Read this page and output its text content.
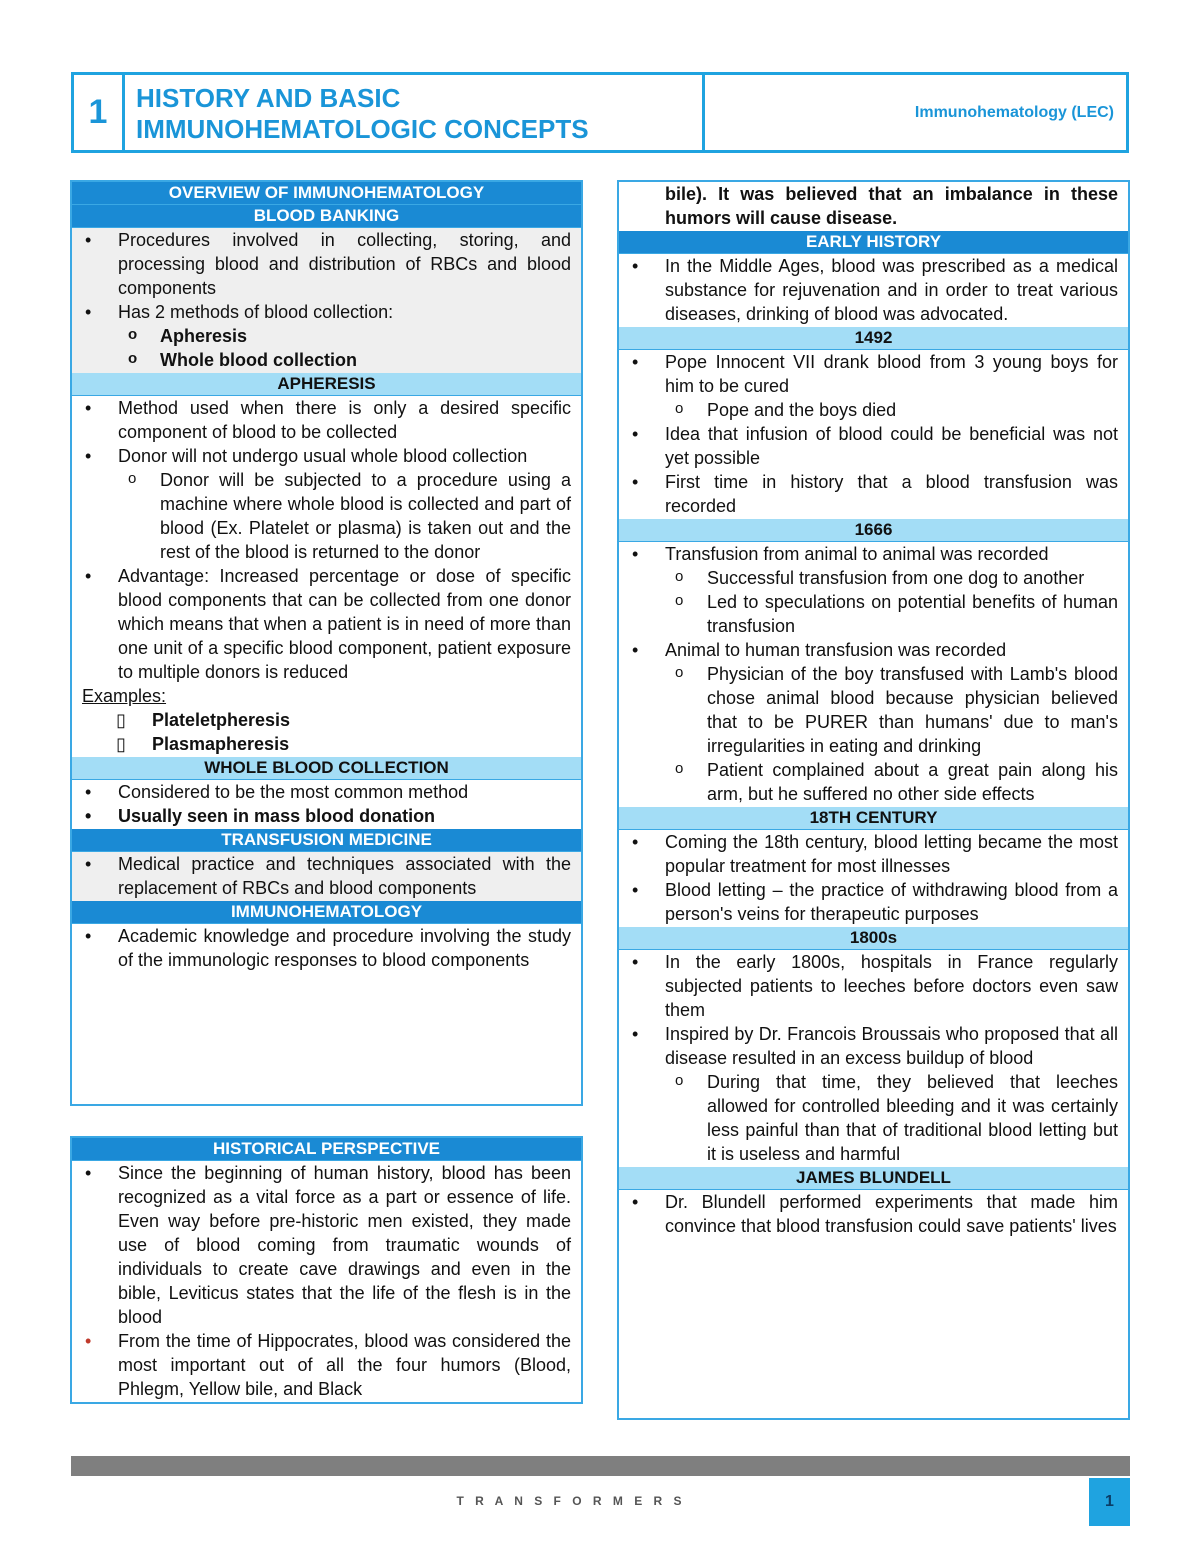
1	HISTORY AND BASIC
IMMUNOHEMATOLOGIC CONCEPTS
Immunohematology (LEC)
OVERVIEW OF IMMUNOHEMATOLOGY
BLOOD BANKING
• Procedures involved in collecting, storing, and processing blood and distribution of RBCs and blood components
• Has 2 methods of blood collection:
o Apheresis
o Whole blood collection
APHERESIS
• Method used when there is only a desired specific component of blood to be collected
• Donor will not undergo usual whole blood collection
o Donor will be subjected to a procedure using a machine where whole blood is collected and part of blood (Ex. Platelet or plasma) is taken out and the rest of the blood is returned to the donor
• Advantage: Increased percentage or dose of specific blood components that can be collected from one donor which means that when a patient is in need of more than one unit of a specific blood component, patient exposure to multiple donors is reduced
Examples:
▯ Plateletpheresis
▯ Plasmapheresis
WHOLE BLOOD COLLECTION
• Considered to be the most common method
• Usually seen in mass blood donation
TRANSFUSION MEDICINE
• Medical practice and techniques associated with the replacement of RBCs and blood components
IMMUNOHEMATOLOGY
• Academic knowledge and procedure involving the study of the immunologic responses to blood components
HISTORICAL PERSPECTIVE
• Since the beginning of human history, blood has been recognized as a vital force as a part or essence of life. Even way before pre-historic men existed, they made use of blood coming from traumatic wounds of individuals to create cave drawings and even in the bible, Leviticus states that the life of the flesh is in the blood
• From the time of Hippocrates, blood was considered the most important out of all the four humors (Blood, Phlegm, Yellow bile, and Black
bile). It was believed that an imbalance in these humors will cause disease.
EARLY HISTORY
• In the Middle Ages, blood was prescribed as a medical substance for rejuvenation and in order to treat various diseases, drinking of blood was advocated.
1492
• Pope Innocent VII drank blood from 3 young boys for him to be cured
o Pope and the boys died
• Idea that infusion of blood could be beneficial was not yet possible
• First time in history that a blood transfusion was recorded
1666
• Transfusion from animal to animal was recorded
o Successful transfusion from one dog to another
o Led to speculations on potential benefits of human transfusion
• Animal to human transfusion was recorded
o Physician of the boy transfused with Lamb's blood chose animal blood because physician believed that to be PURER than humans' due to man's irregularities in eating and drinking
o Patient complained about a great pain along his arm, but he suffered no other side effects
18TH CENTURY
• Coming the 18th century, blood letting became the most popular treatment for most illnesses
• Blood letting – the practice of withdrawing blood from a person's veins for therapeutic purposes
1800s
• In the early 1800s, hospitals in France regularly subjected patients to leeches before doctors even saw them
• Inspired by Dr. Francois Broussais who proposed that all disease resulted in an excess buildup of blood
o During that time, they believed that leeches allowed for controlled bleeding and it was certainly less painful than that of traditional blood letting but it is useless and harmful
JAMES BLUNDELL
• Dr. Blundell performed experiments that made him convince that blood transfusion could save patients' lives
T R A N S F O R M E R S	1
